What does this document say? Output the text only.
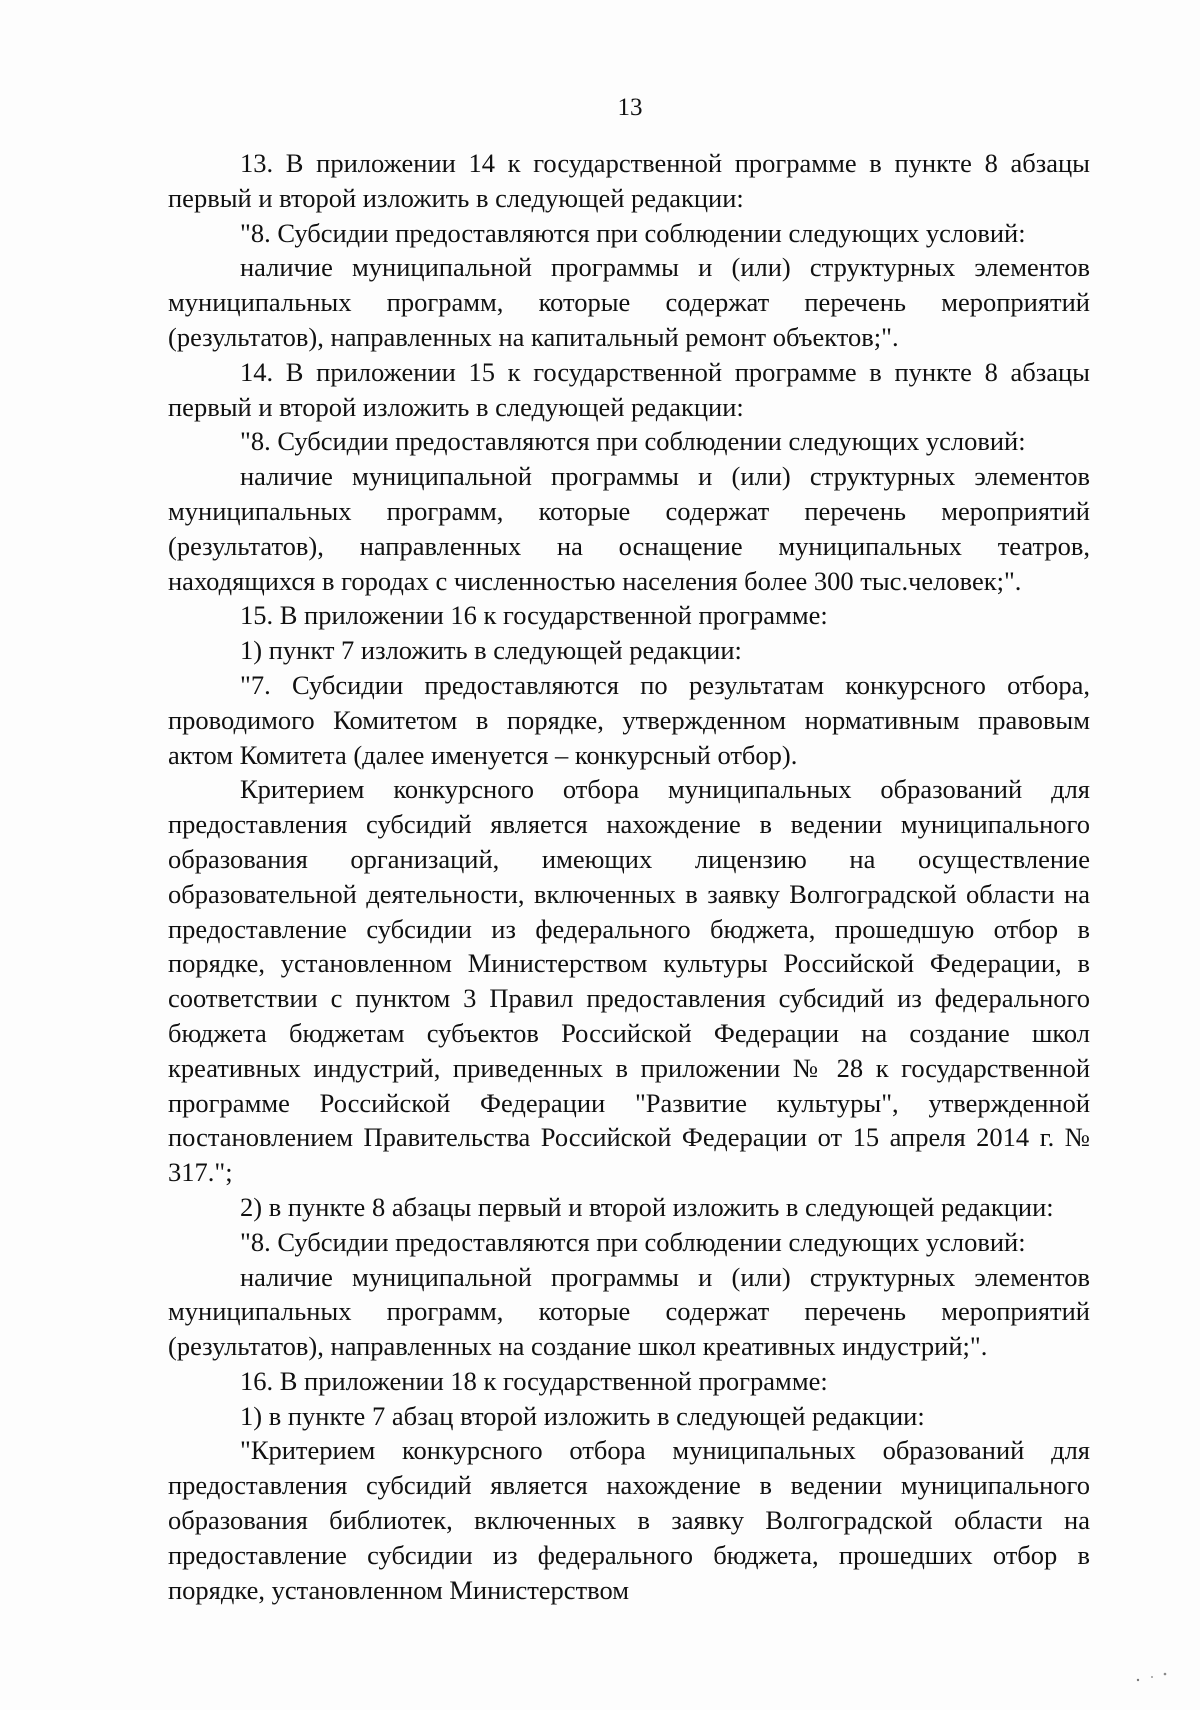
13

13. В приложении 14 к государственной программе в пункте 8 абзацы первый и второй изложить в следующей редакции:

"8. Субсидии предоставляются при соблюдении следующих условий:

наличие муниципальной программы и (или) структурных элементов муниципальных программ, которые содержат перечень мероприятий (результатов), направленных на капитальный ремонт объектов;".

14. В приложении 15 к государственной программе в пункте 8 абзацы первый и второй изложить в следующей редакции:

"8. Субсидии предоставляются при соблюдении следующих условий:

наличие муниципальной программы и (или) структурных элементов муниципальных программ, которые содержат перечень мероприятий (результатов), направленных на оснащение муниципальных театров, находящихся в городах с численностью населения более 300 тыс.человек;".

15. В приложении 16 к государственной программе:

1) пункт 7 изложить в следующей редакции:

"7. Субсидии предоставляются по результатам конкурсного отбора, проводимого Комитетом в порядке, утвержденном нормативным правовым актом Комитета (далее именуется – конкурсный отбор).

Критерием конкурсного отбора муниципальных образований для предоставления субсидий является нахождение в ведении муниципального образования организаций, имеющих лицензию на осуществление образовательной деятельности, включенных в заявку Волгоградской области на предоставление субсидии из федерального бюджета, прошедшую отбор в порядке, установленном Министерством культуры Российской Федерации, в соответствии с пунктом 3 Правил предоставления субсидий из федерального бюджета бюджетам субъектов Российской Федерации на создание школ креативных индустрий, приведенных в приложении № 28 к государственной программе Российской Федерации "Развитие культуры", утвержденной постановлением Правительства Российской Федерации от 15 апреля 2014 г. № 317.";

2) в пункте 8 абзацы первый и второй изложить в следующей редакции:

"8. Субсидии предоставляются при соблюдении следующих условий:

наличие муниципальной программы и (или) структурных элементов муниципальных программ, которые содержат перечень мероприятий (результатов), направленных на создание школ креативных индустрий;".

16. В приложении 18 к государственной программе:

1) в пункте 7 абзац второй изложить в следующей редакции:

"Критерием конкурсного отбора муниципальных образований для предоставления субсидий является нахождение в ведении муниципального образования библиотек, включенных в заявку Волгоградской области на предоставление субсидии из федерального бюджета, прошедших отбор в порядке, установленном Министерством
